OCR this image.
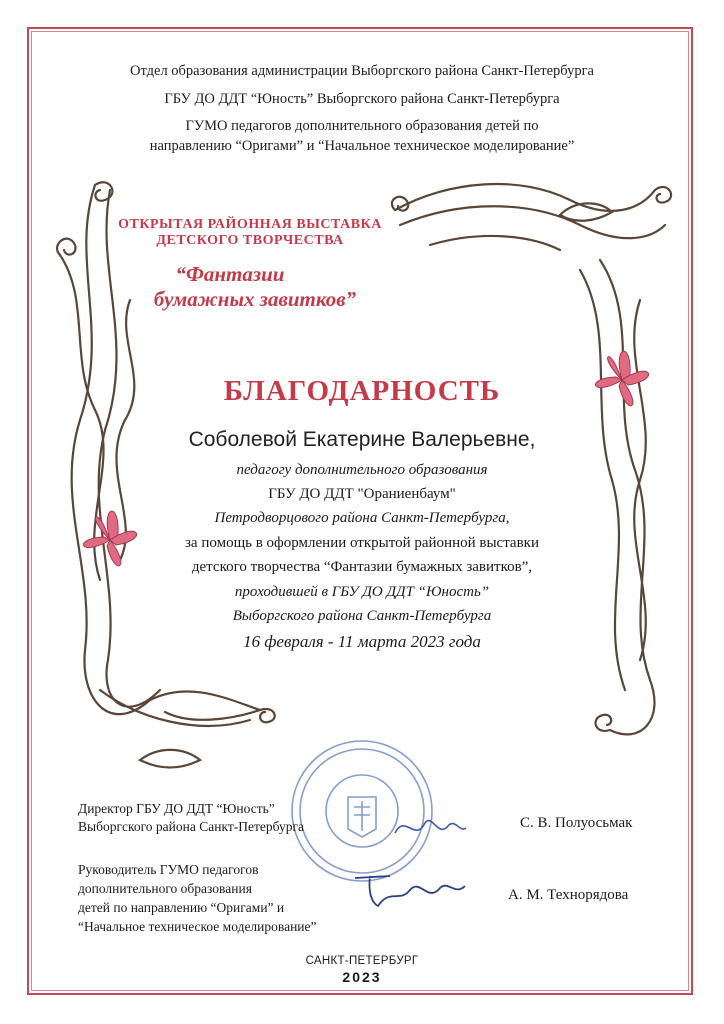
Отдел образования администрации Выборгского района Санкт-Петербурга
ГБУ ДО ДДТ “Юность” Выборгского района Санкт-Петербурга
ГУМО педагогов дополнительного образования детей по
направлению “Оригами” и “Начальное техническое моделирование”
ОТКРЫТАЯ РАЙОННАЯ ВЫСТАВКА
ДЕТСКОГО ТВОРЧЕСТВА
“Фантазии
бумажных завитков”
БЛАГОДАРНОСТЬ
Соболевой Екатерине Валерьевне,
педагогу дополнительного образования
ГБУ ДО ДДТ "Ораниенбаум"
Петродворцового района Санкт-Петербурга,
за помощь в оформлении открытой районной выставки
детского творчества “Фантазии бумажных завитков”,
проходившей в ГБУ ДО ДДТ “Юность”
Выборгского района Санкт-Петербурга
16 февраля - 11 марта 2023 года
Директор ГБУ ДО ДДТ “Юность”
Выборгского района Санкт-Петербурга	С. В. Полуосьмак
Руководитель ГУМО педагогов
дополнительного образования
детей по направлению “Оригами” и
“Начальное техническое моделирование”
А. М. Технорядова
САНКТ-ПЕТЕРБУРГ
2023
